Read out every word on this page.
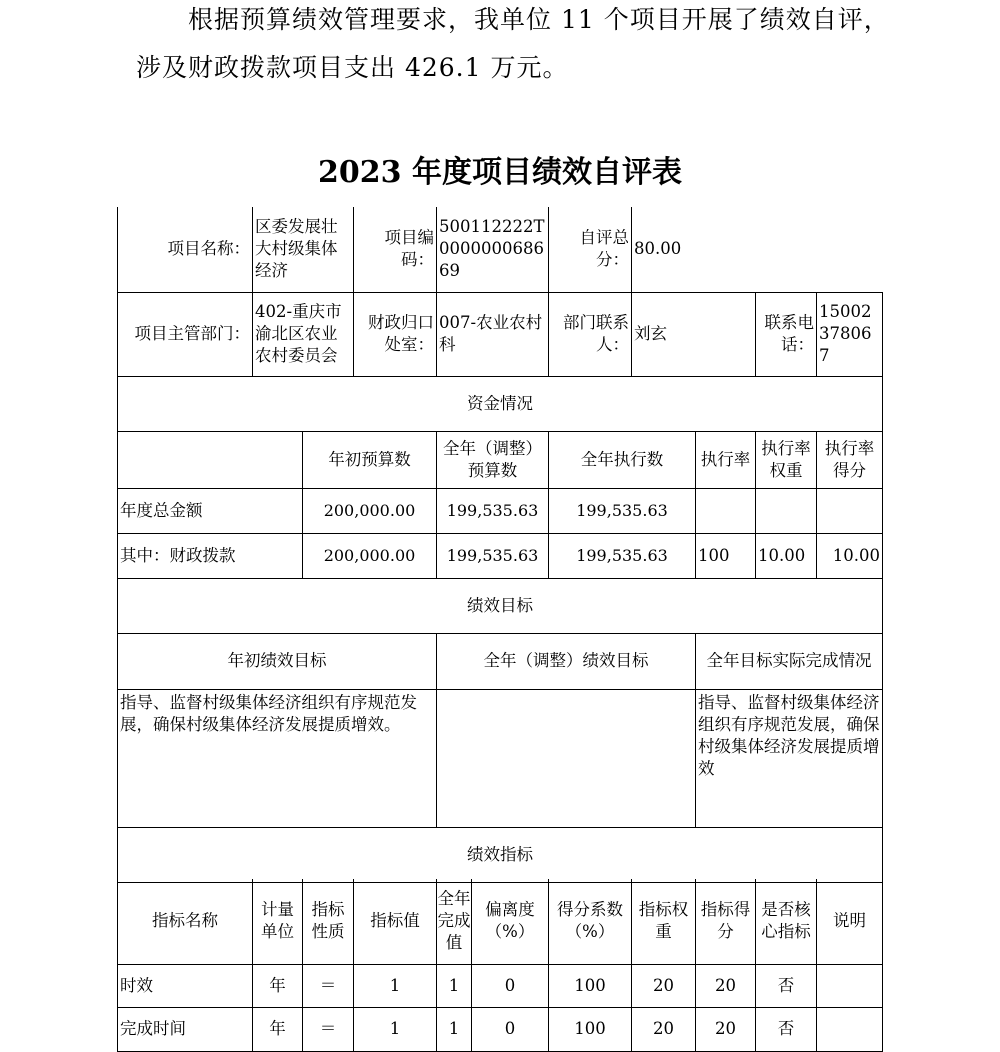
根据预算绩效管理要求，我单位 11 个项目开展了绩效自评，
涉及财政拨款项目支出 426.1 万元。
2023 年度项目绩效自评表
项目名称：	区委发展壮大村级集体经济		项目编码：	500112222T000000068669	自评总分：	80.00			
项目主管部门：	402-重庆市渝北区农业农村委员会		财政归口处室：	007-农业农村科	部门联系人：	刘玄		联系电话：	15002378067
资金情况									
		年初预算数		全年（调整）预算数	全年执行数		执行率	执行率权重	执行率得分
年度总金额		200,000.00		199,535.63	199,535.63				
其中：财政拨款		200,000.00		199,535.63	199,535.63		100	10.00	10.00
绩效目标									
年初绩效目标				全年（调整）绩效目标			全年目标实际完成情况		
指导、监督村级集体经济组织有序规范发展，确保村级集体经济发展提质增效。							指导、监督村级集体经济组织有序规范发展，确保村级集体经济发展提质增效		
绩效指标									
指标名称	计量单位	指标性质	指标值	全年完成值	偏离度（%）	得分系数（%）	指标权重	指标得分	是否核心指标	说明
时效	年	＝	1	1	0	100	20	20	否	
完成时间	年	＝	1	1	0	100	20	20	否	
